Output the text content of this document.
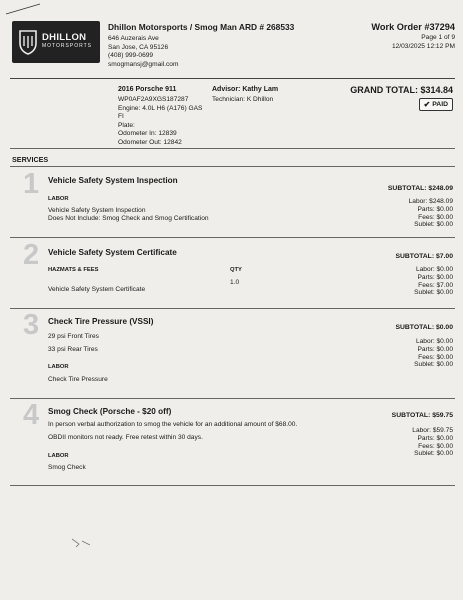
DHILLON
MOTORSPORTS
Dhillon Motorsports / Smog Man ARD # 268533
646 Auzerais Ave
San Jose, CA 95126
(408) 999-0699
smogmansj@gmail.com
Work Order #37294
Page 1 of 9
12/03/2025 12:12 PM
2016 Porsche 911
WP0AF2A9XGS187287
Engine: 4.0L H6 (A176) GAS
FI
Plate:
Odometer In: 12839
Odometer Out: 12842
Advisor: Kathy Lam
Technician: K Dhillon
GRAND TOTAL: $314.84
✔ PAID
SERVICES
1 Vehicle Safety System Inspection
LABOR
Vehicle Safety System Inspection
Does Not Include: Smog Check and Smog Certification
SUBTOTAL: $248.09
Labor: $248.09
Parts: $0.00
Fees: $0.00
Sublet: $0.00
2 Vehicle Safety System Certificate
HAZMATS & FEES	QTY
1.0
Vehicle Safety System Certificate
SUBTOTAL: $7.00
Labor: $0.00
Parts: $0.00
Fees: $7.00
Sublet: $0.00
3 Check Tire Pressure (VSSI)
29 psi Front Tires
33 psi Rear Tires
LABOR
Check Tire Pressure
SUBTOTAL: $0.00
Labor: $0.00
Parts: $0.00
Fees: $0.00
Sublet: $0.00
4 Smog Check (Porsche - $20 off)
In person verbal authorization to smog the vehicle for an additional amount of $68.00.
OBDII monitors not ready. Free retest within 30 days.
LABOR
Smog Check
SUBTOTAL: $59.75
Labor: $59.75
Parts: $0.00
Fees: $0.00
Sublet: $0.00
